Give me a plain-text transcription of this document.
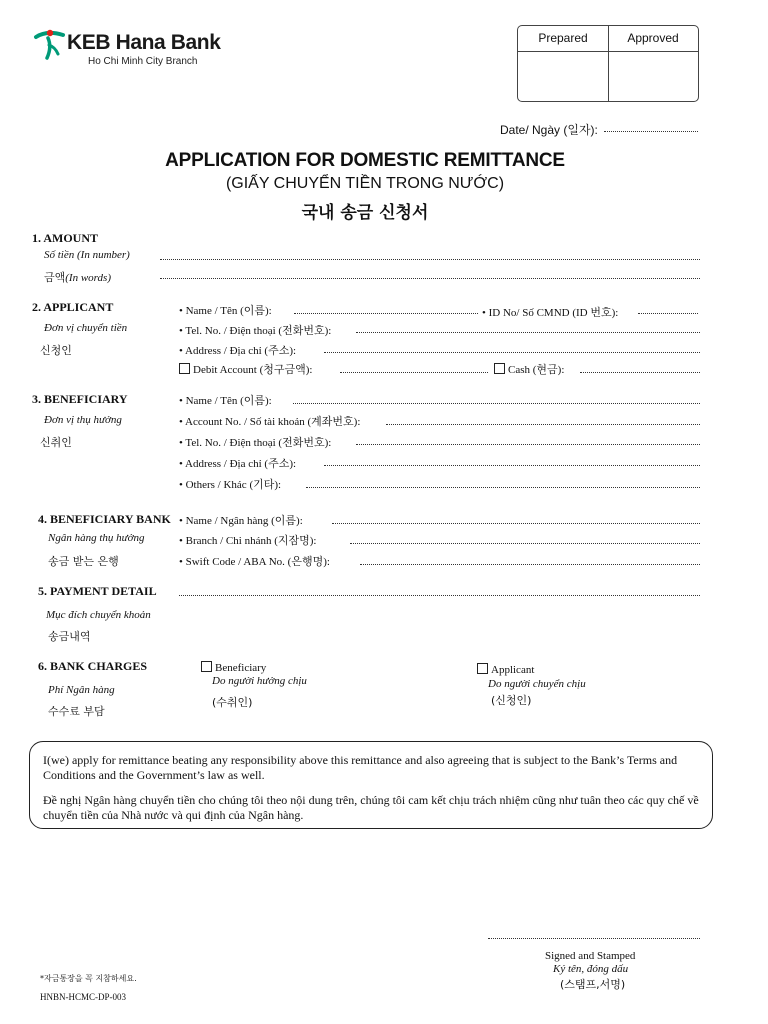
KEB Hana Bank
Ho Chi Minh City Branch
Prepared	Approved
Date/ Ngày (일자):
APPLICATION FOR DOMESTIC REMITTANCE
(GIẤY CHUYỂN TIỀN TRONG NƯỚC)
국내 송금 신청서
1. AMOUNT
Số tiền (In number)
금액(In words)
2. APPLICANT
Đơn vị chuyển tiền
신청인
• Name / Tên (이름):	• ID No/ Số CMND (ID 번호):
• Tel. No. / Điện thoại (전화번호):
• Address / Địa chỉ (주소):
Debit Account (청구금액):	Cash (현금):
3. BENEFICIARY
Đơn vị thụ hưởng
신취인
• Name / Tên (이름):
• Account No. / Số tài khoản (계좌번호):
• Tel. No. / Điện thoại (전화번호):
• Address / Địa chỉ (주소):
• Others / Khác (기타):
4. BENEFICIARY BANK
Ngân hàng thụ hưởng
송금 받는 은행
• Name / Ngân hàng (이름):
• Branch / Chi nhánh (지잠명):
• Swift Code / ABA No. (은행명):
5. PAYMENT DETAIL
Mục đích chuyển khoản
송금내역
6. BANK CHARGES
Phí Ngân hàng
수수료 부담
Beneficiary
Do người hưởng chịu
(수취인)
Applicant
Do người chuyển chịu
(신청인)

I(we) apply for remittance beating any responsibility above this remittance and also agreeing that is subject to the Bank’s Terms and Conditions and the Government’s law as well.

Đề nghị Ngân hàng chuyển tiền cho chúng tôi theo nội dung trên, chúng tôi cam kết chịu trách nhiệm cũng như tuân theo các quy chế về chuyển tiền của Nhà nước và qui định của Ngân hàng.

Signed and Stamped
Ký tên, đóng dấu
(스탬프,서명)
*자금통장을 꼭 지참하세요.
HNBN-HCMC-DP-003
